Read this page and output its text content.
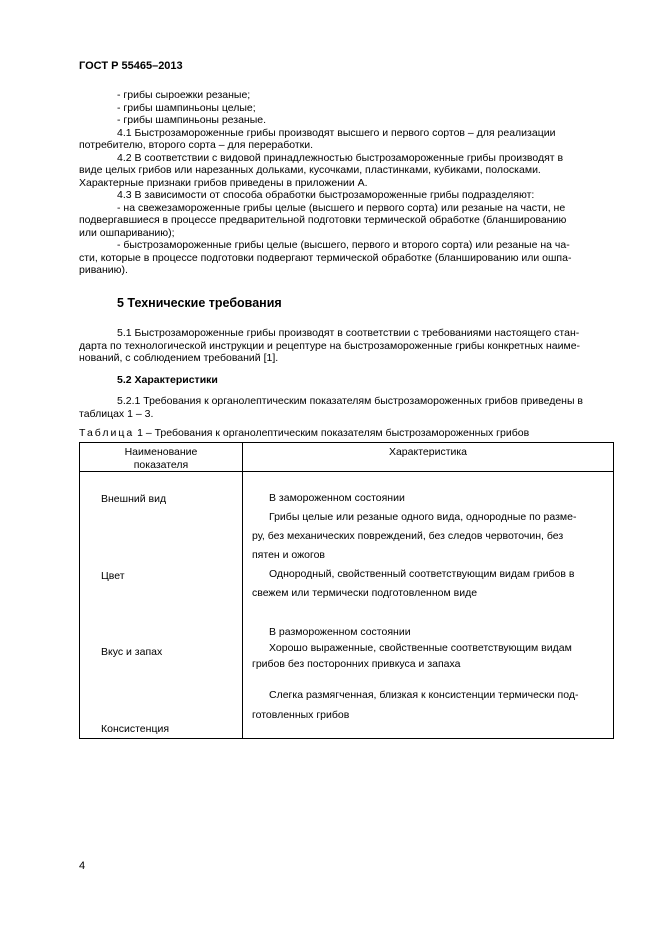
ГОСТ Р 55465–2013
- грибы сыроежки резаные;
- грибы шампиньоны целые;
- грибы шампиньоны резаные.
4.1 Быстрозамороженные грибы производят высшего и первого сортов – для реализации
потребителю, второго сорта – для переработки.
4.2 В соответствии с видовой принадлежностью быстрозамороженные грибы производят в
виде целых грибов или нарезанных дольками, кусочками, пластинками, кубиками, полосками.
Характерные признаки грибов приведены в приложении А.
4.3 В зависимости от способа обработки быстрозамороженные грибы подразделяют:
- на свежезамороженные грибы целые (высшего и первого сорта) или резаные на части, не
подвергавшиеся в процессе предварительной подготовки термической обработке (бланшированию
или ошпариванию);
- быстрозамороженные грибы целые (высшего, первого и второго сорта) или резаные на ча-
сти, которые в процессе подготовки подвергают термической обработке (бланшированию или ошпа-
риванию).
5 Технические требования
5.1 Быстрозамороженные грибы производят в соответствии с требованиями настоящего стан-
дарта по технологической инструкции и рецептуре на быстрозамороженные грибы конкретных наиме-
нований, с соблюдением требований [1].
5.2 Характеристики
5.2.1 Требования к органолептическим показателям быстрозамороженных грибов приведены в
таблицах 1 – 3.
Таблица 1 – Требования к органолептическим показателям быстрозамороженных грибов
Наименование
показателя
Характеристика
Внешний вид
Цвет
Вкус и запах
Консистенция
В замороженном состоянии
Грибы целые или резаные одного вида, однородные по разме-
ру, без механических повреждений, без следов червоточин, без
пятен и ожогов
Однородный, свойственный соответствующим видам грибов в
свежем или термически подготовленном виде
В размороженном состоянии
Хорошо выраженные, свойственные соответствующим видам
грибов без посторонних привкуса и запаха
Слегка размягченная, близкая к консистенции термически под-
готовленных грибов
4
